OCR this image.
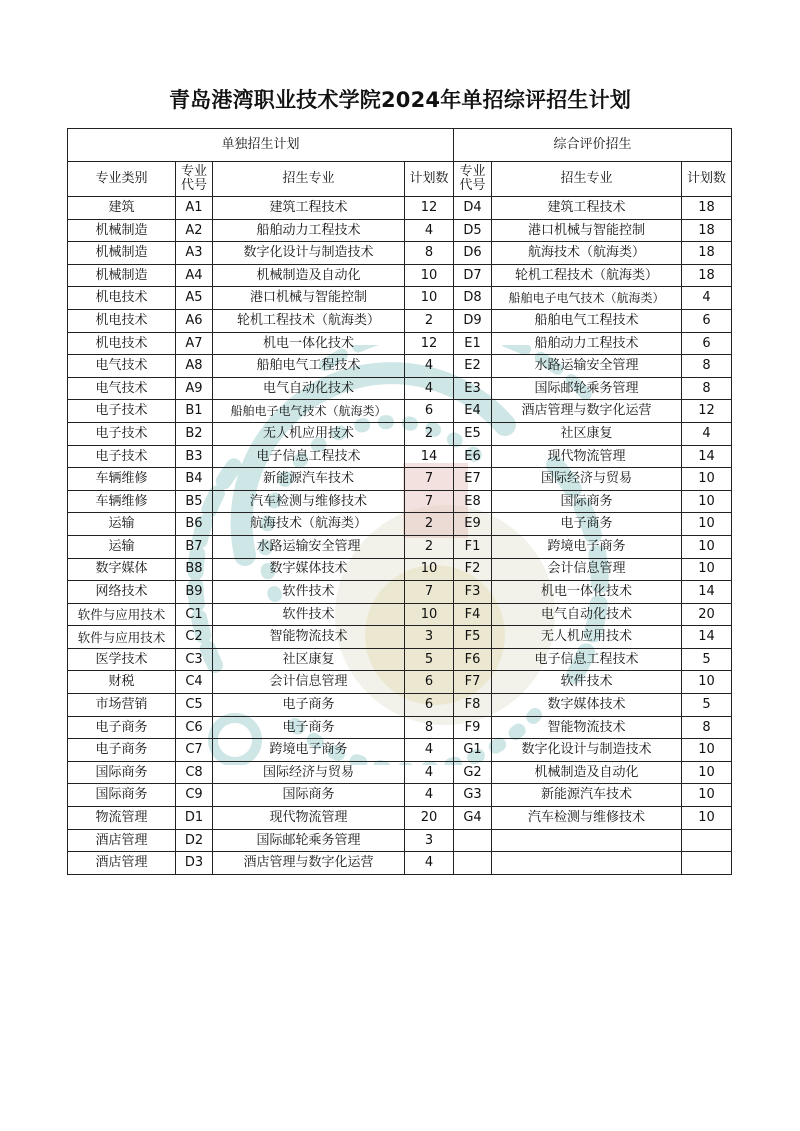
青岛港湾职业技术学院2024年单招综评招生计划
单独招生计划				综合评价招生		
专业类别	专业代号	招生专业	计划数	专业代号	招生专业	计划数
建筑	A1	建筑工程技术	12	D4	建筑工程技术	18
机械制造	A2	船舶动力工程技术	4	D5	港口机械与智能控制	18
机械制造	A3	数字化设计与制造技术	8	D6	航海技术（航海类）	18
机械制造	A4	机械制造及自动化	10	D7	轮机工程技术（航海类）	18
机电技术	A5	港口机械与智能控制	10	D8	船舶电子电气技术（航海类）	4
机电技术	A6	轮机工程技术（航海类）	2	D9	船舶电气工程技术	6
机电技术	A7	机电一体化技术	12	E1	船舶动力工程技术	6
电气技术	A8	船舶电气工程技术	4	E2	水路运输安全管理	8
电气技术	A9	电气自动化技术	4	E3	国际邮轮乘务管理	8
电子技术	B1	船舶电子电气技术（航海类）	6	E4	酒店管理与数字化运营	12
电子技术	B2	无人机应用技术	2	E5	社区康复	4
电子技术	B3	电子信息工程技术	14	E6	现代物流管理	14
车辆维修	B4	新能源汽车技术	7	E7	国际经济与贸易	10
车辆维修	B5	汽车检测与维修技术	7	E8	国际商务	10
运输	B6	航海技术（航海类）	2	E9	电子商务	10
运输	B7	水路运输安全管理	2	F1	跨境电子商务	10
数字媒体	B8	数字媒体技术	10	F2	会计信息管理	10
网络技术	B9	软件技术	7	F3	机电一体化技术	14
软件与应用技术	C1	软件技术	10	F4	电气自动化技术	20
软件与应用技术	C2	智能物流技术	3	F5	无人机应用技术	14
医学技术	C3	社区康复	5	F6	电子信息工程技术	5
财税	C4	会计信息管理	6	F7	软件技术	10
市场营销	C5	电子商务	6	F8	数字媒体技术	5
电子商务	C6	电子商务	8	F9	智能物流技术	8
电子商务	C7	跨境电子商务	4	G1	数字化设计与制造技术	10
国际商务	C8	国际经济与贸易	4	G2	机械制造及自动化	10
国际商务	C9	国际商务	4	G3	新能源汽车技术	10
物流管理	D1	现代物流管理	20	G4	汽车检测与维修技术	10
酒店管理	D2	国际邮轮乘务管理	3			
酒店管理	D3	酒店管理与数字化运营	4			
